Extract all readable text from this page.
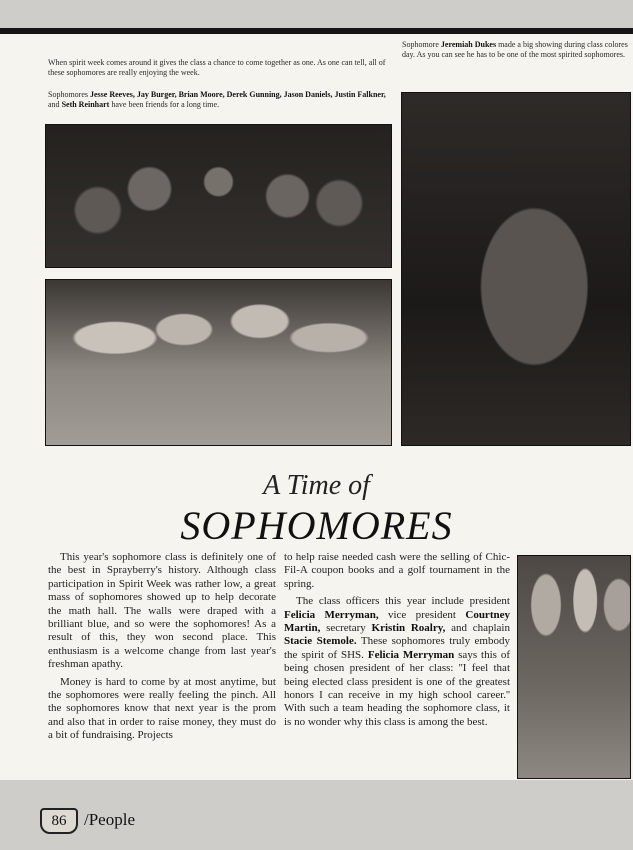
When spirit week comes around it gives the class a chance to come together as one. As one can tell, all of these sophomores are really enjoying the week.
Sophomores Jesse Reeves, Jay Burger, Brian Moore, Derek Gunning, Jason Daniels, Justin Falkner, and Seth Reinhart have been friends for a long time.
Sophomore Jeremiah Dukes made a big showing during class colores day. As you can see he has to be one of the most spirited sophomores.
A Time of
SOPHOMORES

This year's sophomore class is definitely one of the best in Sprayberry's history. Although class participation in Spirit Week was rather low, a great mass of sophomores showed up to help decorate the math hall. The walls were draped with a brilliant blue, and so were the sophomores! As a result of this, they won second place. This enthusiasm is a welcome change from last year's freshman apathy.

Money is hard to come by at most anytime, but the sophomores were really feeling the pinch. All the sophomores know that next year is the prom and also that in order to raise money, they must do a bit of fundraising. Projects

to help raise needed cash were the selling of Chic-Fil-A coupon books and a golf tournament in the spring.

The class officers this year include president Felicia Merryman, vice president Courtney Martin, secretary Kristin Roalry, and chaplain Stacie Stemole. These sophomores truly embody the spirit of SHS. Felicia Merryman says this of being chosen president of her class: ''I feel that being elected class president is one of the greatest honors I can receive in my high school career.'' With such a team heading the sophomore class, it is no wonder why this class is among the best.

86	/People
